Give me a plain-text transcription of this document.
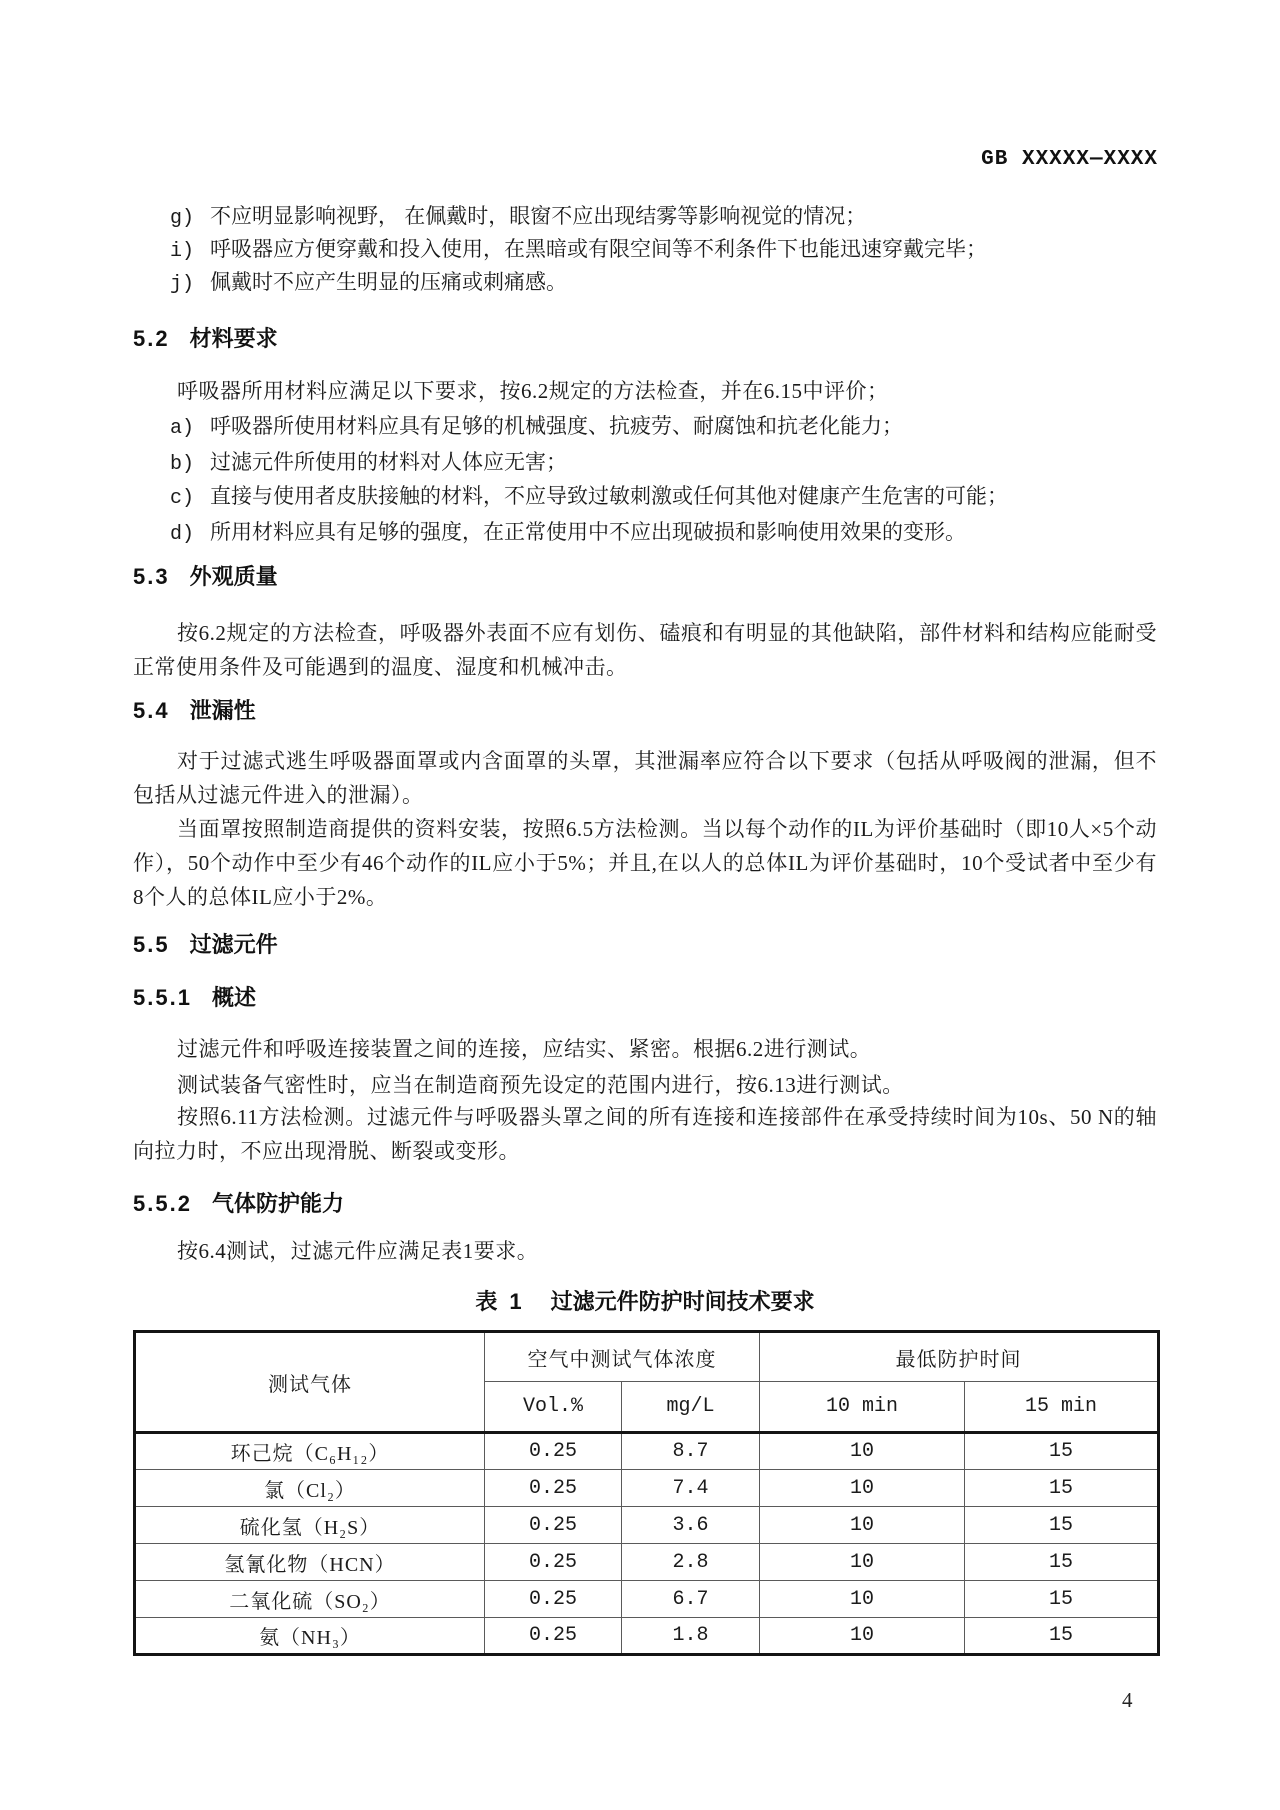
GB XXXXX—XXXX
g) 不应明显影响视野， 在佩戴时，眼窗不应出现结雾等影响视觉的情况；
i) 呼吸器应方便穿戴和投入使用，在黑暗或有限空间等不利条件下也能迅速穿戴完毕；
j) 佩戴时不应产生明显的压痛或刺痛感。
5.2 材料要求
呼吸器所用材料应满足以下要求，按6.2规定的方法检查，并在6.15中评价；
a) 呼吸器所使用材料应具有足够的机械强度、抗疲劳、耐腐蚀和抗老化能力；
b) 过滤元件所使用的材料对人体应无害；
c) 直接与使用者皮肤接触的材料，不应导致过敏刺激或任何其他对健康产生危害的可能；
d) 所用材料应具有足够的强度，在正常使用中不应出现破损和影响使用效果的变形。
5.3 外观质量
按6.2规定的方法检查，呼吸器外表面不应有划伤、磕痕和有明显的其他缺陷，部件材料和结构应能耐受正常使用条件及可能遇到的温度、湿度和机械冲击。
5.4 泄漏性
对于过滤式逃生呼吸器面罩或内含面罩的头罩，其泄漏率应符合以下要求（包括从呼吸阀的泄漏，但不包括从过滤元件进入的泄漏）。
当面罩按照制造商提供的资料安装，按照6.5方法检测。当以每个动作的IL为评价基础时（即10人×5个动作），50个动作中至少有46个动作的IL应小于5%；并且,在以人的总体IL为评价基础时，10个受试者中至少有8个人的总体IL应小于2%。
5.5 过滤元件
5.5.1 概述
过滤元件和呼吸连接装置之间的连接，应结实、紧密。根据6.2进行测试。
测试装备气密性时，应当在制造商预先设定的范围内进行，按6.13进行测试。
按照6.11方法检测。过滤元件与呼吸器头罩之间的所有连接和连接部件在承受持续时间为10s、50 N的轴向拉力时，不应出现滑脱、断裂或变形。
5.5.2 气体防护能力
按6.4测试，过滤元件应满足表1要求。
表 1 过滤元件防护时间技术要求
测试气体	空气中测试气体浓度		最低防护时间	
	Vol.%	mg/L	10 min	15 min
环己烷（C₆H₁₂）	0.25	8.7	10	15
氯（Cl₂）	0.25	7.4	10	15
硫化氢（H₂S）	0.25	3.6	10	15
氢氰化物（HCN）	0.25	2.8	10	15
二氧化硫（SO₂）	0.25	6.7	10	15
氨（NH₃）	0.25	1.8	10	15
4
